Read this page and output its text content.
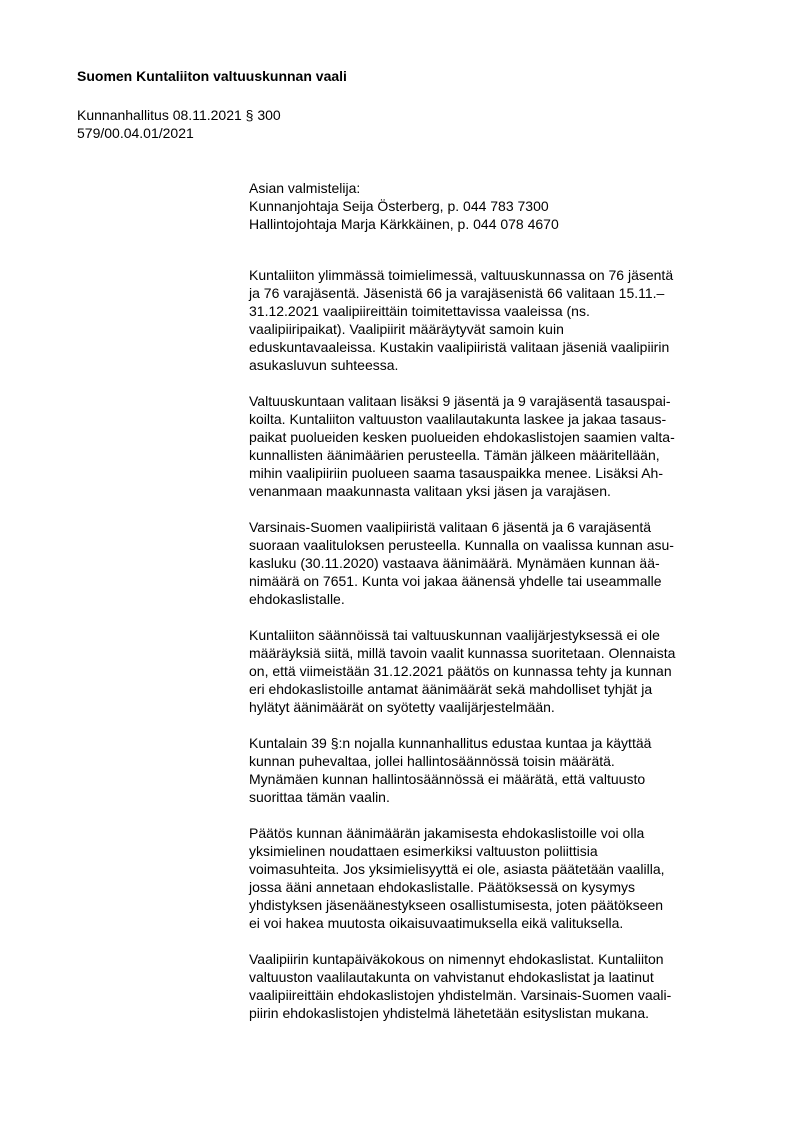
Suomen Kuntaliiton valtuuskunnan vaali
Kunnanhallitus 08.11.2021 § 300
579/00.04.01/2021
Asian valmistelija:
Kunnanjohtaja Seija Österberg, p. 044 783 7300
Hallintojohtaja Marja Kärkkäinen, p. 044 078 4670
Kuntaliiton ylimmässä toimielimessä, valtuuskunnassa on 76 jäsentä
ja 76 varajäsentä. Jäsenistä 66 ja varajäsenistä 66 valitaan 15.11.–
31.12.2021 vaalipiireittäin toimitettavissa vaaleissa (ns.
vaalipiiripaikat). Vaalipiirit määräytyvät samoin kuin
eduskuntavaaleissa. Kustakin vaalipiiristä valitaan jäseniä vaalipiirin
asukasluvun suhteessa.
Valtuuskuntaan valitaan lisäksi 9 jäsentä ja 9 varajäsentä tasauspai-
koilta. Kuntaliiton valtuuston vaalilautakunta laskee ja jakaa tasaus-
paikat puolueiden kesken puolueiden ehdokaslistojen saamien valta-
kunnallisten äänimäärien perusteella. Tämän jälkeen määritellään,
mihin vaalipiiriin puolueen saama tasauspaikka menee. Lisäksi Ah-
venanmaan maakunnasta valitaan yksi jäsen ja varajäsen.
Varsinais-Suomen vaalipiiristä valitaan 6 jäsentä ja 6 varajäsentä
suoraan vaalituloksen perusteella. Kunnalla on vaalissa kunnan asu-
kasluku (30.11.2020) vastaava äänimäärä. Mynämäen kunnan ää-
nimäärä on 7651. Kunta voi jakaa äänensä yhdelle tai useammalle
ehdokaslistalle.
Kuntaliiton säännöissä tai valtuuskunnan vaalijärjestyksessä ei ole
määräyksiä siitä, millä tavoin vaalit kunnassa suoritetaan. Olennaista
on, että viimeistään 31.12.2021 päätös on kunnassa tehty ja kunnan
eri ehdokaslistoille antamat äänimäärät sekä mahdolliset tyhjät ja
hylätyt äänimäärät on syötetty vaalijärjestelmään.
Kuntalain 39 §:n nojalla kunnanhallitus edustaa kuntaa ja käyttää
kunnan puhevaltaa, jollei hallintosäännössä toisin määrätä.
Mynämäen kunnan hallintosäännössä ei määrätä, että valtuusto
suorittaa tämän vaalin.
Päätös kunnan äänimäärän jakamisesta ehdokaslistoille voi olla
yksimielinen noudattaen esimerkiksi valtuuston poliittisia
voimasuhteita. Jos yksimielisyyttä ei ole, asiasta päätetään vaalilla,
jossa ääni annetaan ehdokaslistalle. Päätöksessä on kysymys
yhdistyksen jäsenäänestykseen osallistumisesta, joten päätökseen
ei voi hakea muutosta oikaisuvaatimuksella eikä valituksella.
Vaalipiirin kuntapäiväkokous on nimennyt ehdokaslistat. Kuntaliiton
valtuuston vaalilautakunta on vahvistanut ehdokaslistat ja laatinut
vaalipiireittäin ehdokaslistojen yhdistelmän. Varsinais-Suomen vaali-
piirin ehdokaslistojen yhdistelmä lähetetään esityslistan mukana.
